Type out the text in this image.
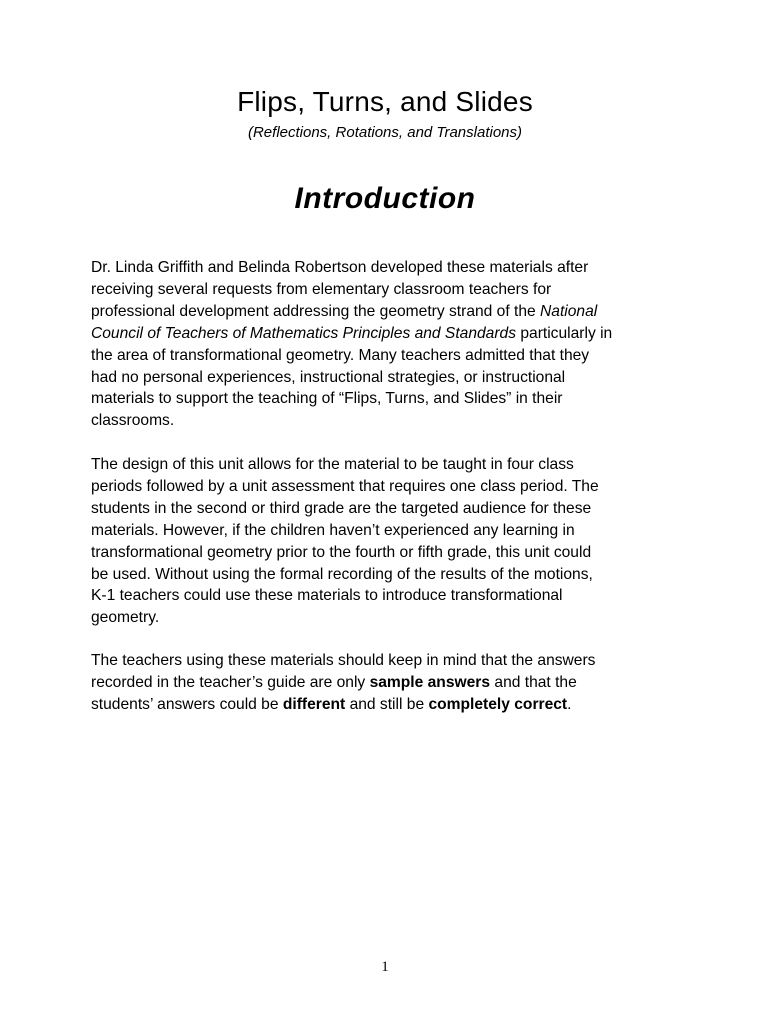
Flips, Turns, and Slides
(Reflections, Rotations, and Translations)
Introduction
Dr. Linda Griffith and Belinda Robertson developed these materials after
receiving several requests from elementary classroom teachers for
professional development addressing the geometry strand of the National
Council of Teachers of Mathematics Principles and Standards particularly in
the area of transformational geometry. Many teachers admitted that they
had no personal experiences, instructional strategies, or instructional
materials to support the teaching of “Flips, Turns, and Slides” in their
classrooms.
The design of this unit allows for the material to be taught in four class
periods followed by a unit assessment that requires one class period. The
students in the second or third grade are the targeted audience for these
materials. However, if the children haven’t experienced any learning in
transformational geometry prior to the fourth or fifth grade, this unit could
be used. Without using the formal recording of the results of the motions,
K-1 teachers could use these materials to introduce transformational
geometry.
The teachers using these materials should keep in mind that the answers
recorded in the teacher’s guide are only sample answers and that the
students’ answers could be different and still be completely correct.
1
